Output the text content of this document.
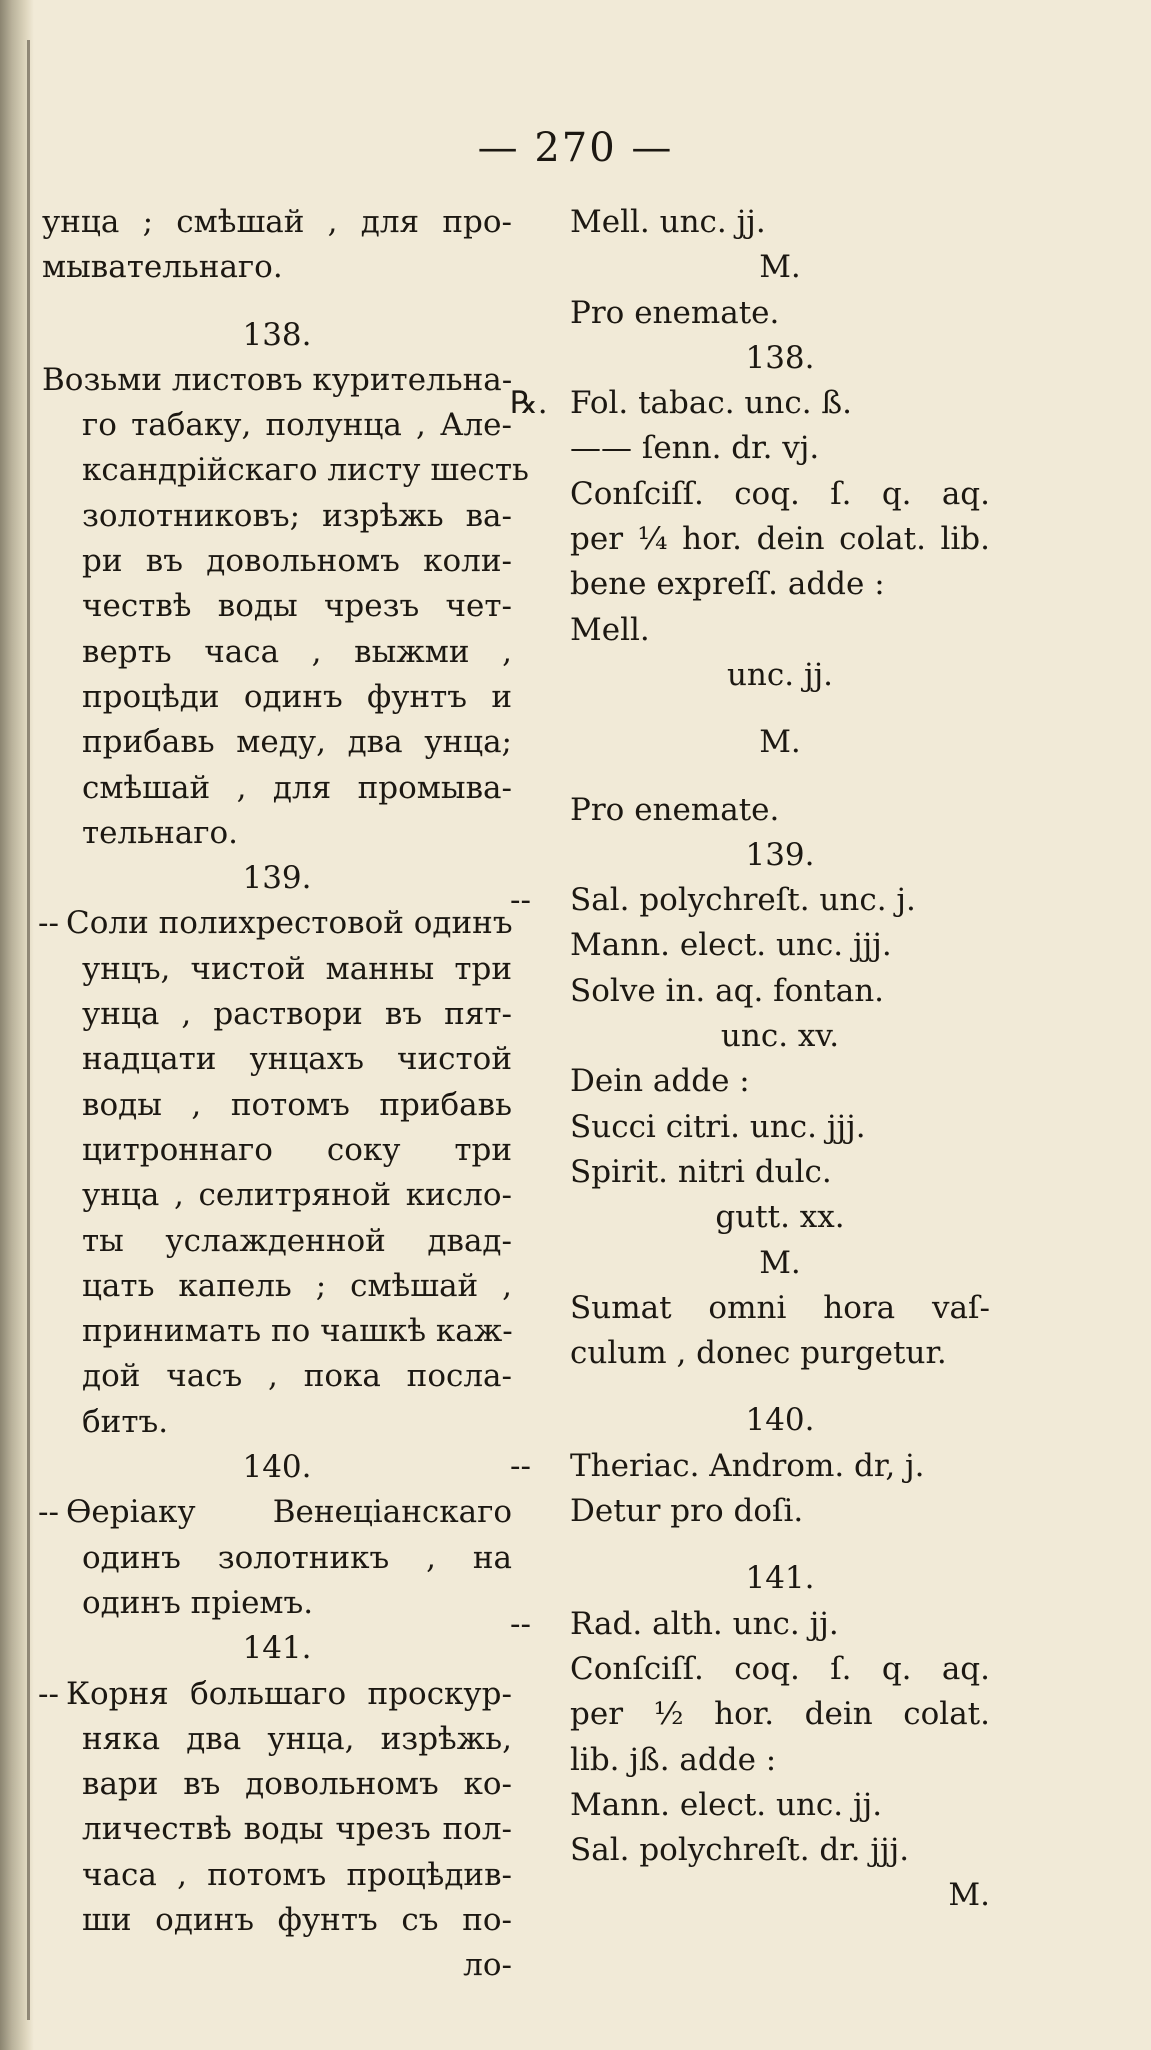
— 270 —
унца ; смѣшай , для про-
мывательнаго.
138.
Возьми листовъ курительна-
го табаку, полунца , Але-
ксандрійскаго листу шесть
золотниковъ; изрѣжь ва-
ри въ довольномъ коли-
чествѣ воды чрезъ чет-
верть часа , выжми ,
процѣди одинъ фунтъ и
прибавь меду, два унца;
смѣшай , для промыва-
тельнаго.
139.
-- Соли полихрестовой одинъ
унцъ, чистой манны три
унца , раствори въ пят-
надцати унцахъ чистой
воды , потомъ прибавь
цитроннаго соку три
унца , селитряной кисло-
ты услажденной двад-
цать капель ; смѣшай ,
принимать по чашкѣ каж-
дой часъ , пока посла-
битъ.
140.
-- Ѳеріаку Венеціанскаго
одинъ золотникъ , на
одинъ пріемъ.
141.
-- Корня большаго проскур-
няка два унца, изрѣжь,
вари въ довольномъ ко-
личествѣ воды чрезъ пол-
часа , потомъ процѣдив-
ши одинъ фунтъ съ по-
ло-
Mell. unc. jj.
M.
Pro enemate.
138.
℞. Fol. tabac. unc. ß.
—— ſenn. dr. vj.
Conſciſſ. coq. ſ. q. aq.
per ¼ hor. dein colat. lib.
bene expreſſ. adde :
Mell.
unc. jj.
M.
Pro enemate.
139.
-- Sal. polychreſt. unc. j.
Mann. elect. unc. jjj.
Solve in. aq. fontan.
unc. xv.
Dein adde :
Succi citri. unc. jjj.
Spirit. nitri dulc.
gutt. xx.
M.
Sumat omni hora vaſ-
culum , donec purgetur.
140.
-- Theriac. Androm. dr, j.
Detur pro doſi.
141.
-- Rad. alth. unc. jj.
Conſciſſ. coq. ſ. q. aq.
per ½ hor. dein colat.
lib. jß. adde :
Mann. elect. unc. jj.
Sal. polychreſt. dr. jjj.
M.
